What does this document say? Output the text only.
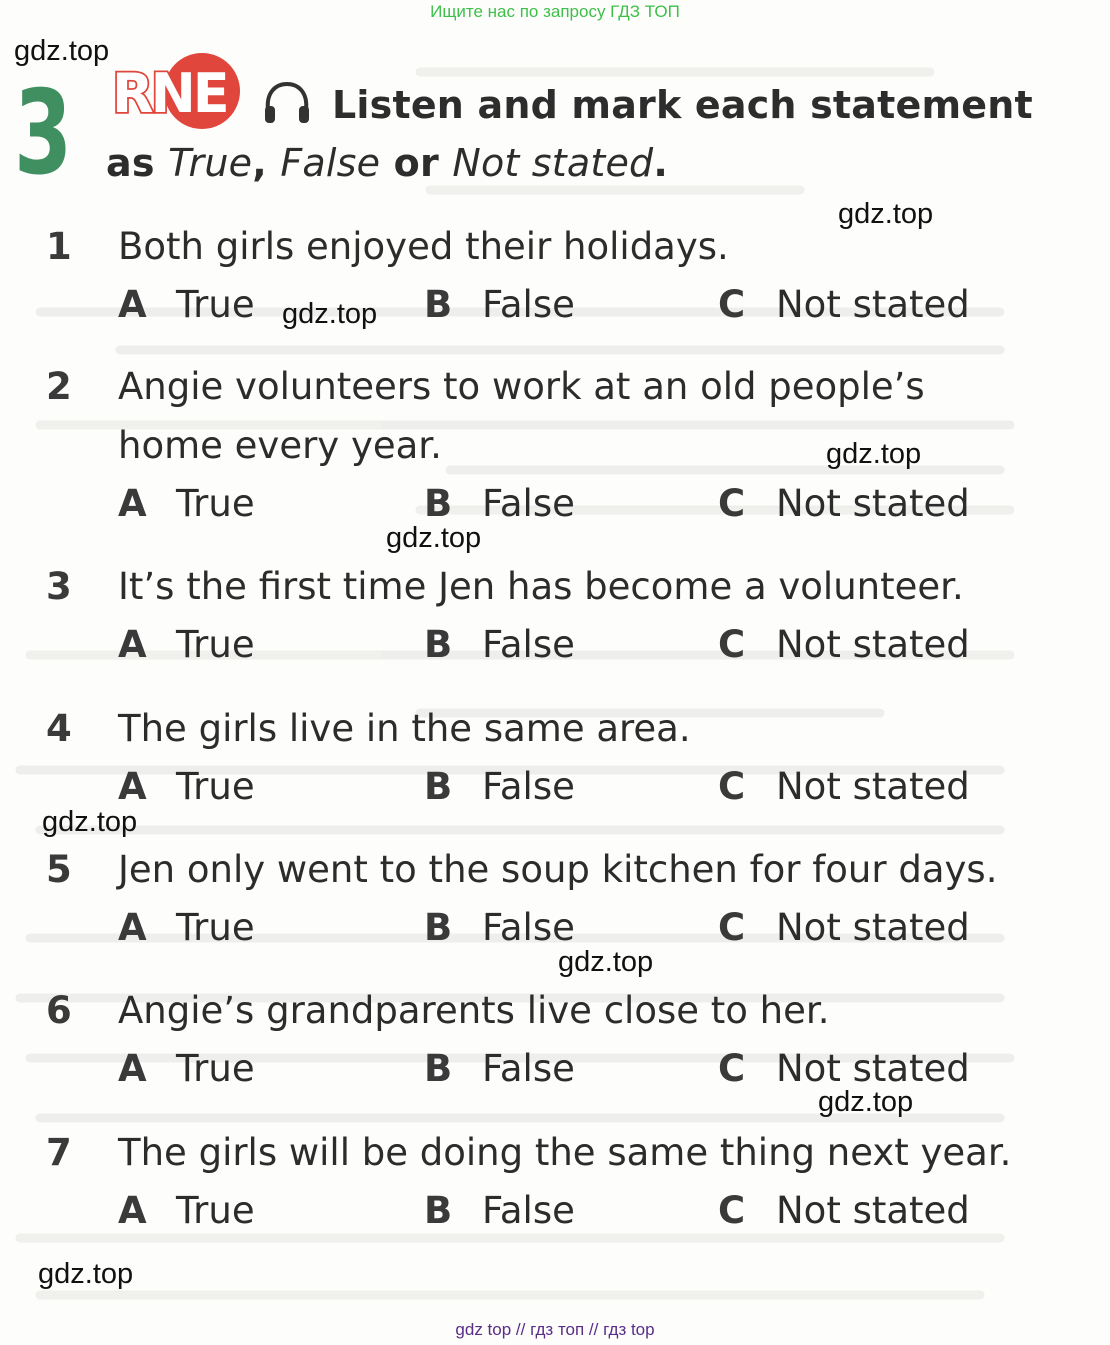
Ищите нас по запросу ГДЗ ТОП
gdz.top
gdz.top
gdz.top
gdz.top
gdz.top
gdz.top
gdz.top
gdz.top
gdz.top
3 RNE	Listen and mark each statement
as True, False or Not stated.
1 Both girls enjoyed their holidays.
A True	B False	C Not stated
2 Angie volunteers to work at an old people’s
home every year.
A True	B False	C Not stated
3 It’s the first time Jen has become a volunteer.
A True	B False	C Not stated
4 The girls live in the same area.
A True	B False	C Not stated
5 Jen only went to the soup kitchen for four days.
A True	B False	C Not stated
6 Angie’s grandparents live close to her.
A True	B False	C Not stated
7 The girls will be doing the same thing next year.
A True	B False	C Not stated
gdz top // гдз топ // гдз top
